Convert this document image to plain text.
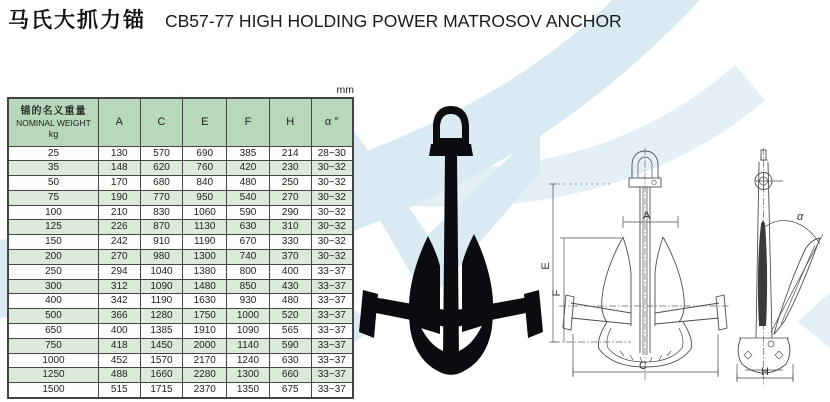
马氏大抓力锚 CB57-77 HIGH HOLDING POWER MATROSOV ANCHOR
mm
锚的名义重量
NOMINAL WEIGHT
kg	A	C	E	F	H	α °
25	130	570	690	385	214	28~30
35	148	620	760	420	230	30~32
50	170	680	840	480	250	30~32
75	190	770	950	540	270	30~32
100	210	830	1060	590	290	30~32
125	226	870	1130	630	310	30~32
150	242	910	1190	670	330	30~32
200	270	980	1300	740	370	30~32
250	294	1040	1380	800	400	33~37
300	312	1090	1480	850	430	33~37
400	342	1190	1630	930	480	33~37
500	366	1280	1750	1000	520	33~37
650	400	1385	1910	1090	565	33~37
750	418	1450	2000	1140	590	33~37
1000	452	1570	2170	1240	630	33~37
1250	488	1660	2280	1300	660	33~37
1500	515	1715	2370	1350	675	33~37
A
E
F
C
α
H
